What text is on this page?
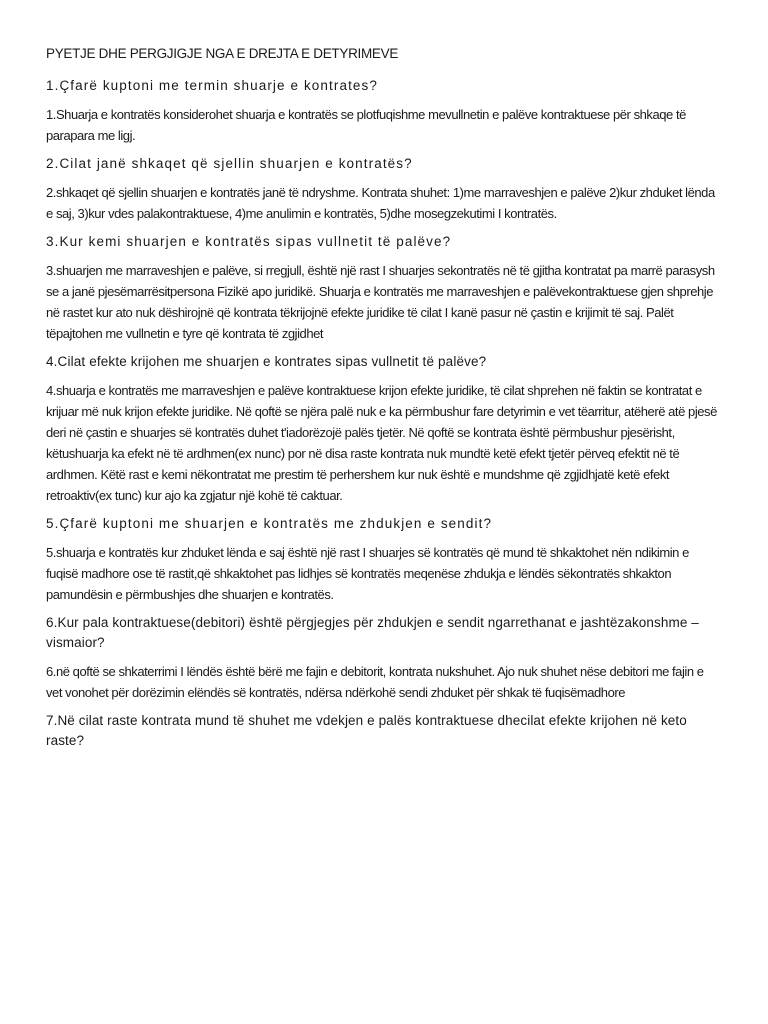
PYETJE DHE PERGJIGJE NGA E DREJTA E DETYRIMEVE
1.Çfarë kuptoni me termin shuarje e kontrates?
1.Shuarja e kontratës konsiderohet shuarja e kontratës se plotfuqishme mevullnetin e palëve kontraktuese për shkaqe të parapara me ligj.
2.Cilat janë shkaqet që sjellin shuarjen e kontratës?
2.shkaqet që sjellin shuarjen e kontratës janë të ndryshme. Kontrata shuhet: 1)me marraveshjen e palëve 2)kur zhduket lënda e saj, 3)kur vdes palakontraktuese, 4)me anulimin e kontratës, 5)dhe mosegzekutimi I kontratës.
3.Kur kemi shuarjen e kontratës sipas vullnetit të palëve?
3.shuarjen me marraveshjen e palëve, si rregjull, është një rast I shuarjes sekontratës në të gjitha kontratat pa marrë parasysh se a janë pjesëmarrësitpersona Fizikë apo juridikë. Shuarja e kontratës me marraveshjen e palëvekontraktuese gjen shprehje në rastet kur ato nuk dëshirojnë që kontrata tëkrijojnë efekte juridike të cilat I kanë pasur në çastin e krijimit të saj. Palët tëpajtohen me vullnetin e tyre që kontrata të zgjidhet
4.Cilat efekte krijohen me shuarjen e kontrates sipas vullnetit të palëve?
4.shuarja e kontratës me marraveshjen e palëve kontraktuese krijon efekte juridike, të cilat shprehen në faktin se kontratat e krijuar më nuk krijon efekte juridike. Në qoftë se njëra palë nuk e ka përmbushur fare detyrimin e vet tëarritur, atëherë atë pjesë deri në çastin e shuarjes së kontratës duhet t'iadorëzojë palës tjetër. Në qoftë se kontrata është përmbushur pjesërisht, këtushuarja ka efekt në të ardhmen(ex nunc) por në disa raste kontrata nuk mundtë ketë efekt tjetër përveq efektit në të ardhmen. Këtë rast e kemi nëkontratat me prestim të perhershem kur nuk është e mundshme që zgjidhjatë ketë efekt retroaktiv(ex tunc) kur ajo ka zgjatur një kohë të caktuar.
5.Çfarë kuptoni me shuarjen e kontratës me zhdukjen e sendit?
5.shuarja e kontratës kur zhduket lënda e saj është një rast I shuarjes së kontratës që mund të shkaktohet nën ndikimin e fuqisë madhore ose të rastit,që shkaktohet pas lidhjes së kontratës meqenëse zhdukja e lëndës sëkontratës shkakton pamundësin e përmbushjes dhe shuarjen e kontratës.
6.Kur pala kontraktuese(debitori) është përgjegjes për zhdukjen e sendit ngarrethanat e jashtëzakonshme – vismaior?
6.në qoftë se shkaterrimi I lëndës është bërë me fajin e debitorit, kontrata nukshuhet. Ajo nuk shuhet nëse debitori me fajin e vet vonohet për dorëzimin elëndës së kontratës, ndërsa ndërkohë sendi zhduket për shkak të fuqisëmadhore
7.Në cilat raste kontrata mund të shuhet me vdekjen e palës kontraktuese dhecilat efekte krijohen në keto raste?
